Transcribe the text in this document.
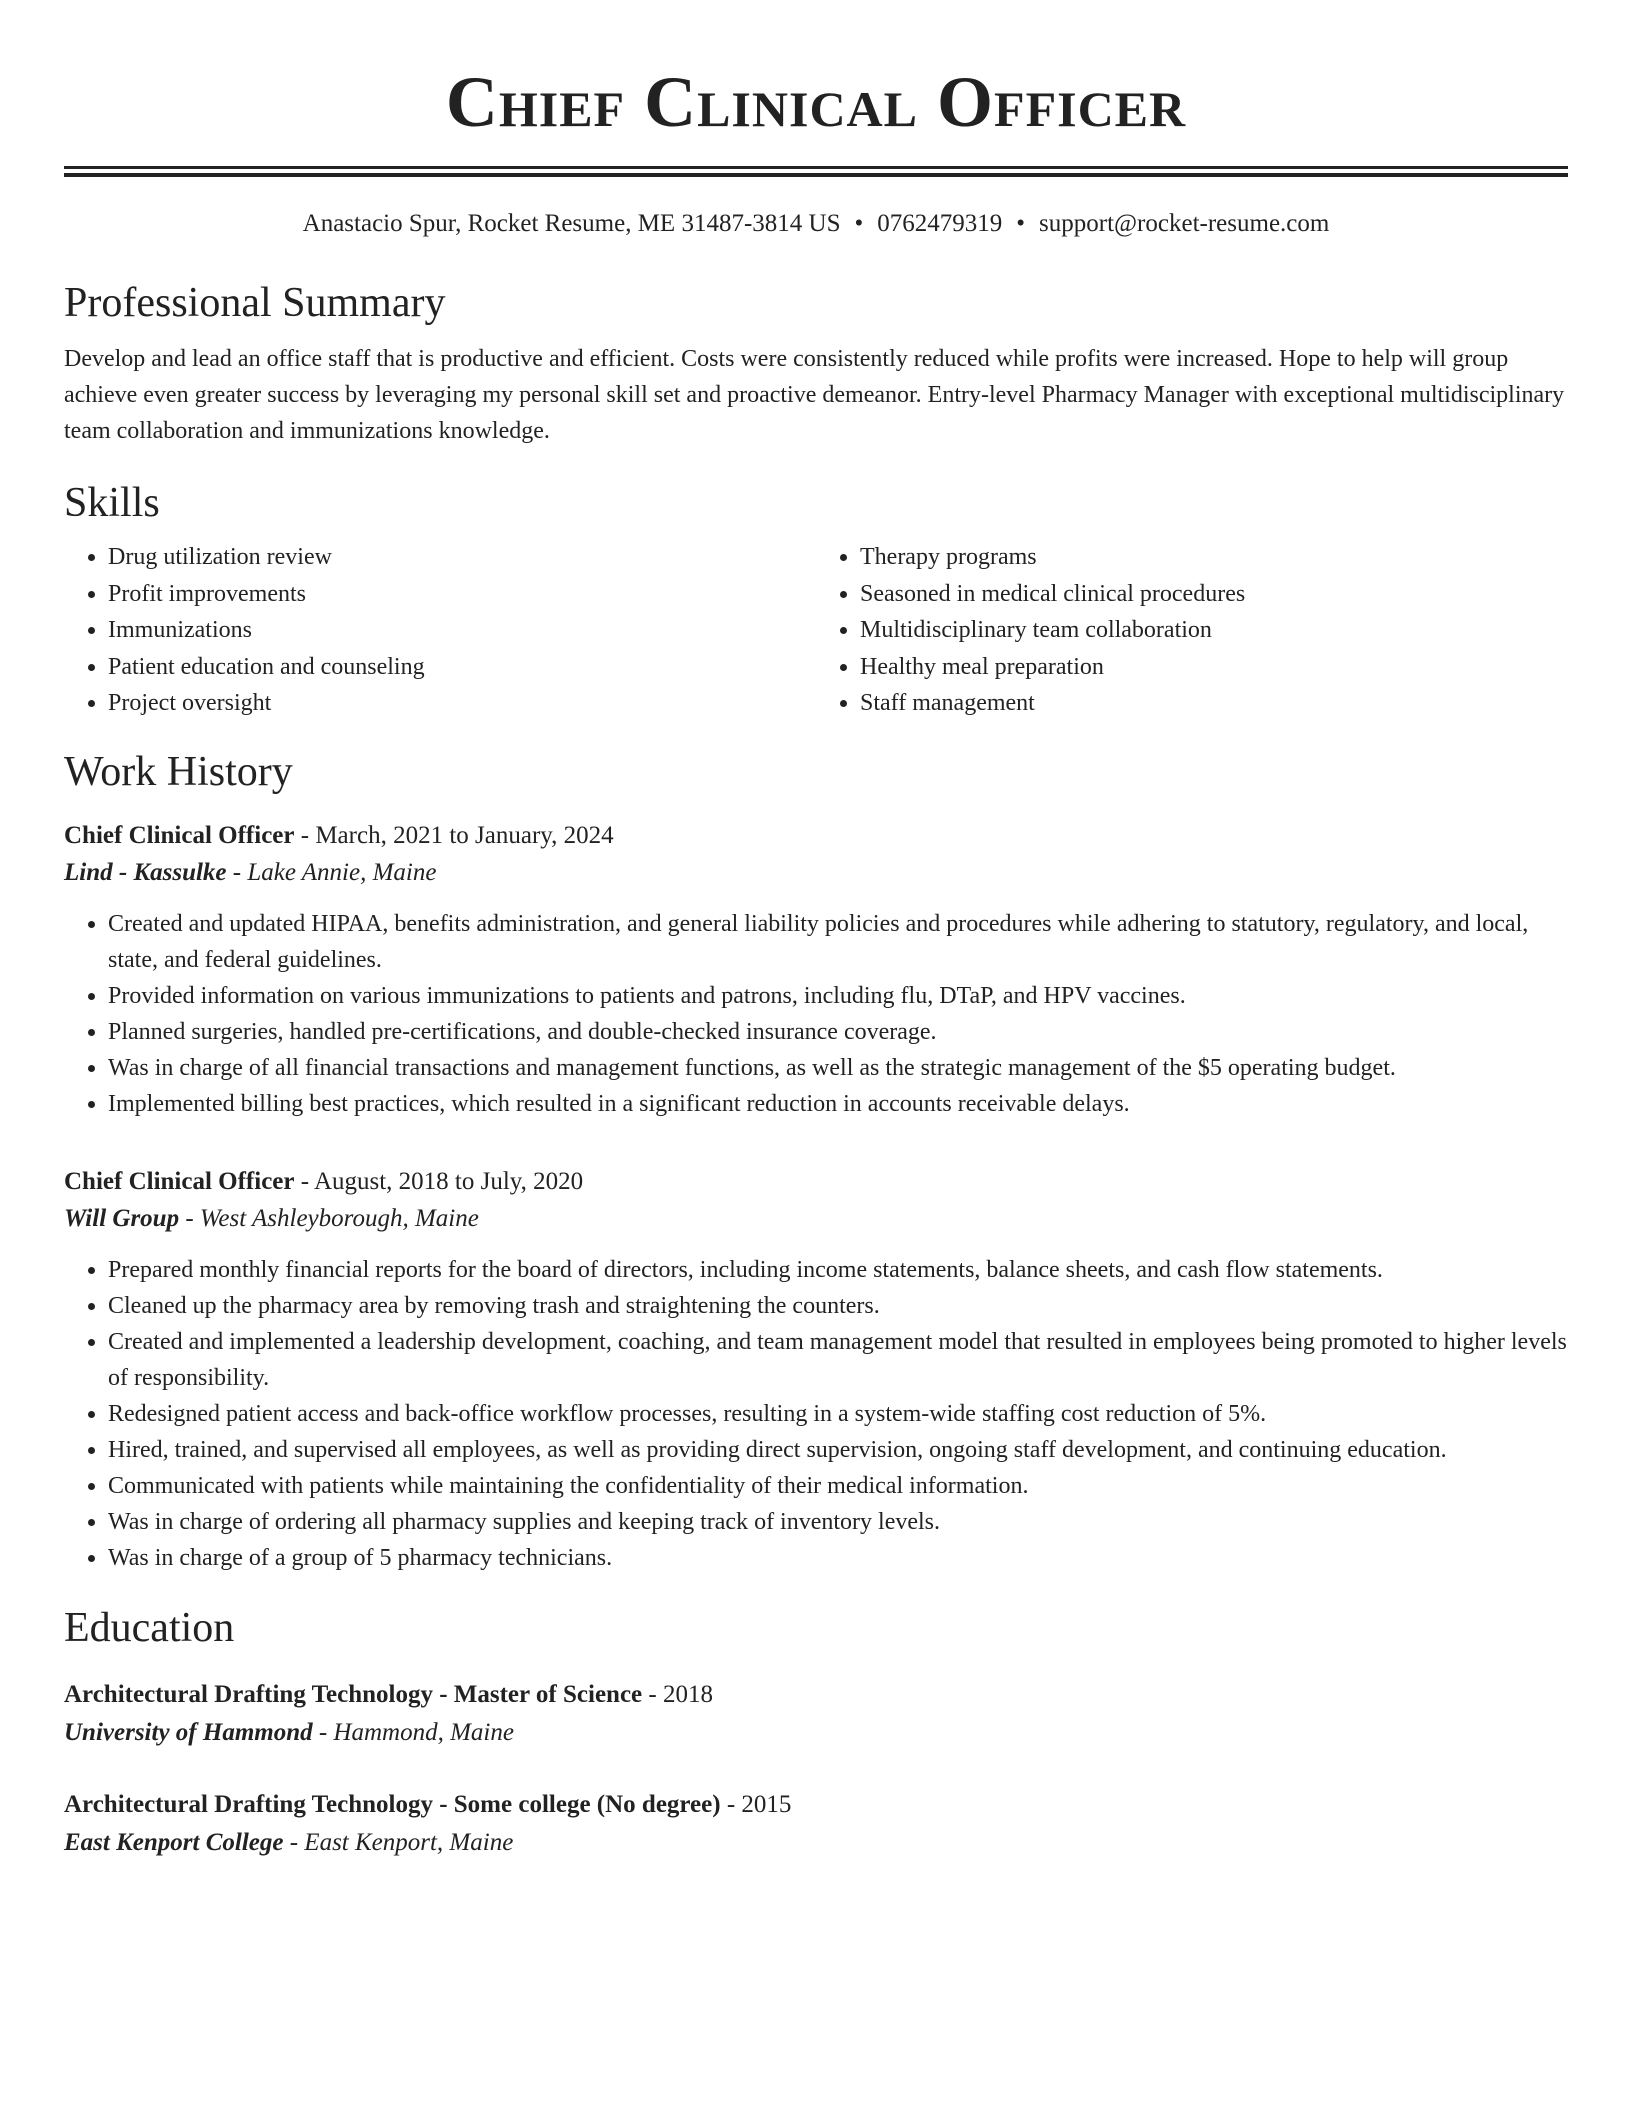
Chief Clinical Officer
Anastacio Spur, Rocket Resume, ME 31487-3814 US • 0762479319 • support@rocket-resume.com
Professional Summary

Develop and lead an office staff that is productive and efficient. Costs were consistently reduced while profits were increased. Hope to help will group achieve even greater success by leveraging my personal skill set and proactive demeanor. Entry-level Pharmacy Manager with exceptional multidisciplinary team collaboration and immunizations knowledge.

Skills
• Drug utilization review
• Profit improvements
• Immunizations
• Patient education and counseling
• Project oversight
• Therapy programs
• Seasoned in medical clinical procedures
• Multidisciplinary team collaboration
• Healthy meal preparation
• Staff management
Work History
Chief Clinical Officer - March, 2021 to January, 2024
Lind - Kassulke - Lake Annie, Maine
• Created and updated HIPAA, benefits administration, and general liability policies and procedures while adhering to statutory, regulatory, and local, state, and federal guidelines.
• Provided information on various immunizations to patients and patrons, including flu, DTaP, and HPV vaccines.
• Planned surgeries, handled pre-certifications, and double-checked insurance coverage.
• Was in charge of all financial transactions and management functions, as well as the strategic management of the $5 operating budget.
• Implemented billing best practices, which resulted in a significant reduction in accounts receivable delays.
Chief Clinical Officer - August, 2018 to July, 2020
Will Group - West Ashleyborough, Maine
• Prepared monthly financial reports for the board of directors, including income statements, balance sheets, and cash flow statements.
• Cleaned up the pharmacy area by removing trash and straightening the counters.
• Created and implemented a leadership development, coaching, and team management model that resulted in employees being promoted to higher levels of responsibility.
• Redesigned patient access and back-office workflow processes, resulting in a system-wide staffing cost reduction of 5%.
• Hired, trained, and supervised all employees, as well as providing direct supervision, ongoing staff development, and continuing education.
• Communicated with patients while maintaining the confidentiality of their medical information.
• Was in charge of ordering all pharmacy supplies and keeping track of inventory levels.
• Was in charge of a group of 5 pharmacy technicians.
Education
Architectural Drafting Technology - Master of Science - 2018
University of Hammond - Hammond, Maine
Architectural Drafting Technology - Some college (No degree) - 2015
East Kenport College - East Kenport, Maine
